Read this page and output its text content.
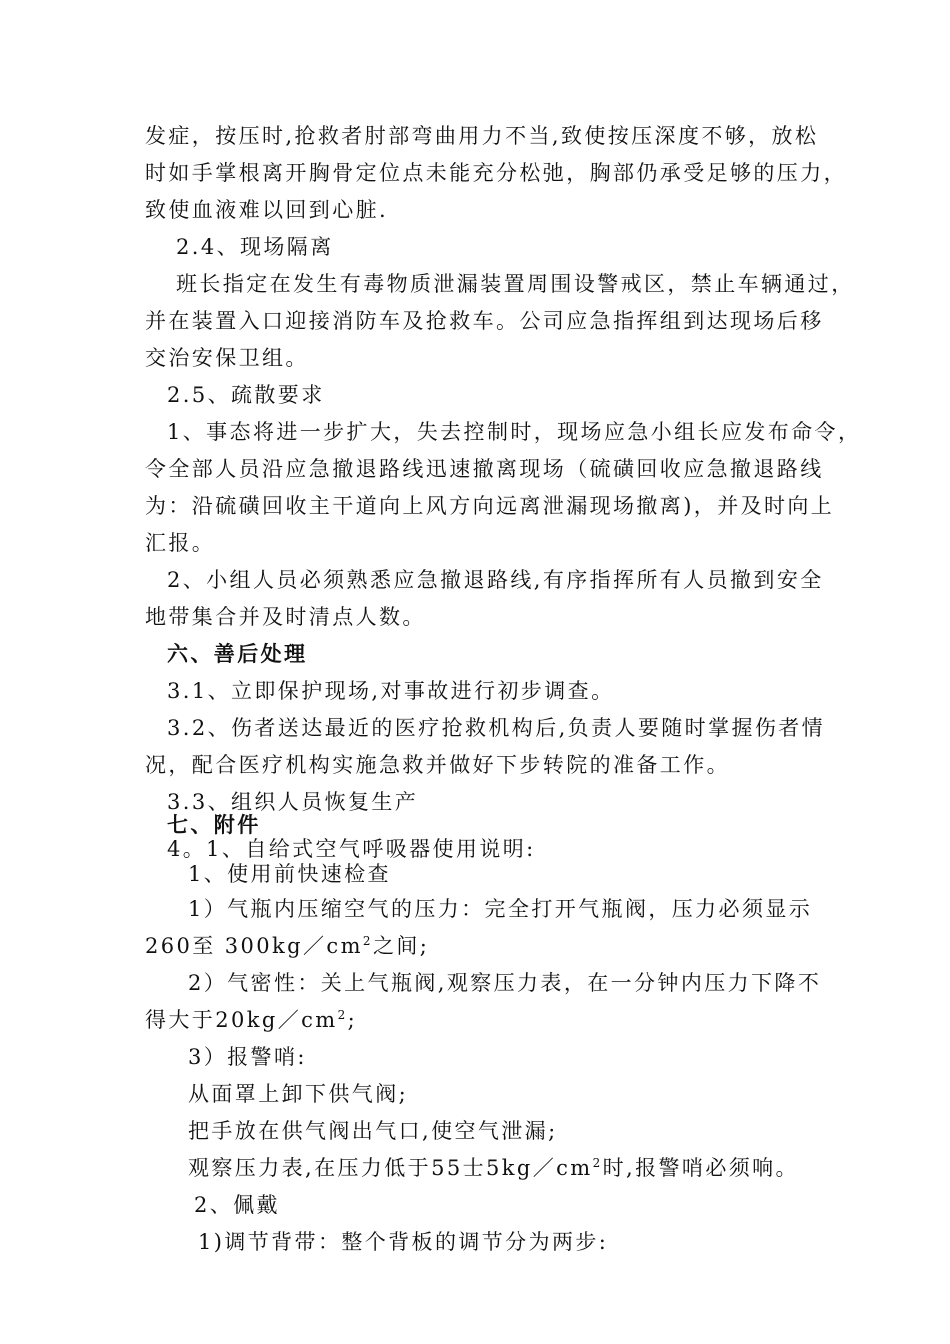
发症，按压时,抢救者肘部弯曲用力不当,致使按压深度不够，放松
时如手掌根离开胸骨定位点未能充分松弛，胸部仍承受足够的压力，
致使血液难以回到心脏.
2.4、现场隔离
班长指定在发生有毒物质泄漏装置周围设警戒区，禁止车辆通过，
并在装置入口迎接消防车及抢救车。公司应急指挥组到达现场后移
交治安保卫组。
2.5、疏散要求
1、事态将进一步扩大，失去控制时，现场应急小组长应发布命令，
令全部人员沿应急撤退路线迅速撤离现场（硫磺回收应急撤退路线
为：沿硫磺回收主干道向上风方向远离泄漏现场撤离)，并及时向上
汇报。
2、小组人员必须熟悉应急撤退路线,有序指挥所有人员撤到安全
地带集合并及时清点人数。
六、善后处理
3.1、立即保护现场,对事故进行初步调查。
3.2、伤者送达最近的医疗抢救机构后,负责人要随时掌握伤者情
况，配合医疗机构实施急救并做好下步转院的准备工作。
3.3、组织人员恢复生产
七、附件
4。1、自给式空气呼吸器使用说明:
1、使用前快速检查
1）气瓶内压缩空气的压力：完全打开气瓶阀，压力必须显示
260至 $300kg/cm^2$之间;
2）气密性：关上气瓶阀,观察压力表，在一分钟内压力下降不
得大于$20kg/cm^2$;
3）报警哨:
从面罩上卸下供气阀;
把手放在供气阀出气口,使空气泄漏;
观察压力表,在压力低于55士$5kg/cm^2$时,报警哨必须响。
2、佩戴
1)调节背带：整个背板的调节分为两步:
